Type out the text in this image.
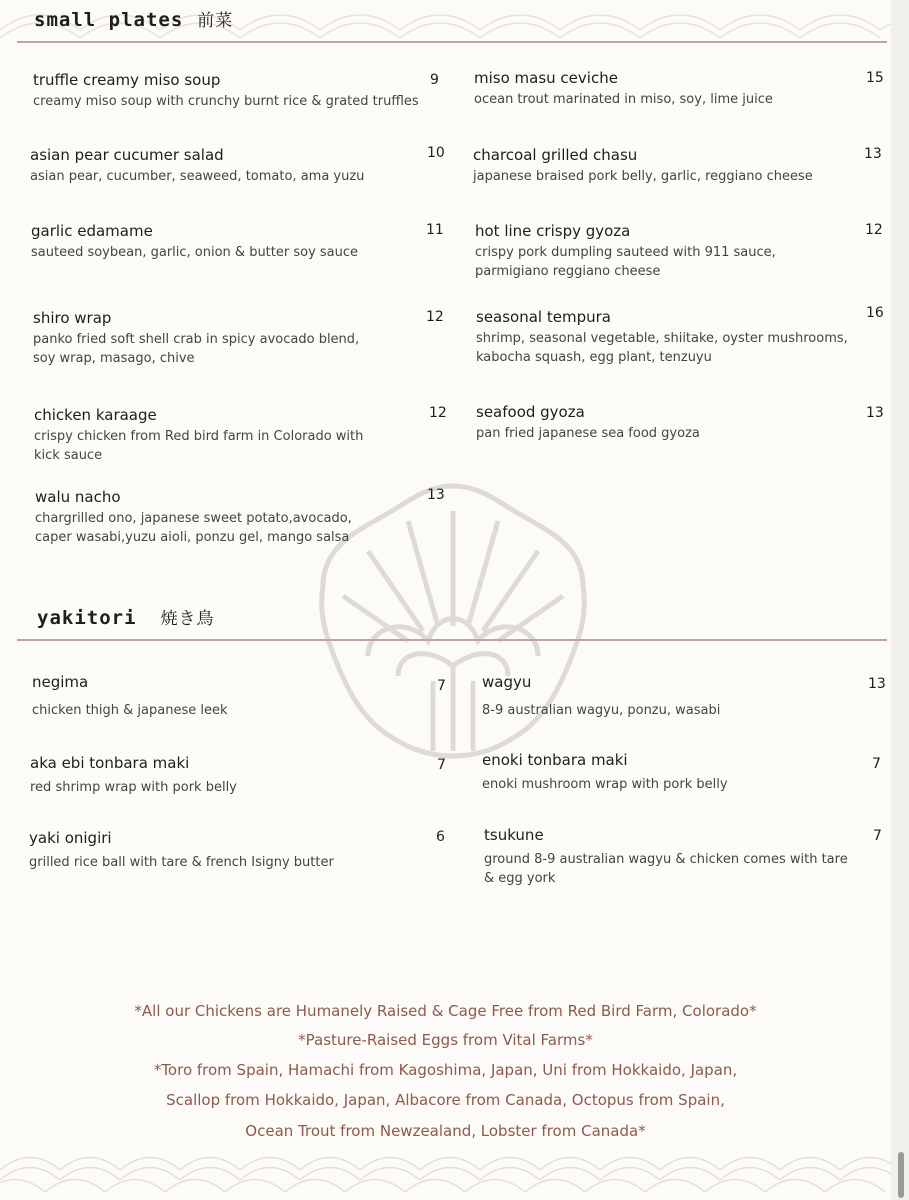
small plates 前菜
truffle creamy miso soup
creamy miso soup with crunchy burnt rice & grated truffles
9 miso masu ceviche
ocean trout marinated in miso, soy, lime juice
15
asian pear cucumer salad
asian pear, cucumber, seaweed, tomato, ama yuzu
10 charcoal grilled chasu
japanese braised pork belly, garlic, reggiano cheese
13
garlic edamame
sauteed soybean, garlic, onion & butter soy sauce
11 hot line crispy gyoza
crispy pork dumpling sauteed with 911 sauce,
parmigiano reggiano cheese
12
shiro wrap
panko fried soft shell crab in spicy avocado blend,
soy wrap, masago, chive
12 seasonal tempura
shrimp, seasonal vegetable, shiitake, oyster mushrooms,
kabocha squash, egg plant, tenzuyu
16
chicken karaage
crispy chicken from Red bird farm in Colorado with
kick sauce
12 seafood gyoza
pan fried japanese sea food gyoza
13
walu nacho
chargrilled ono, japanese sweet potato,avocado,
caper wasabi,yuzu aioli, ponzu gel, mango salsa
13
yakitori 焼き鳥
negima
chicken thigh & japanese leek
7 wagyu
8-9 australian wagyu, ponzu, wasabi
13
aka ebi tonbara maki
red shrimp wrap with pork belly
7 enoki tonbara maki
enoki mushroom wrap with pork belly
7
yaki onigiri
grilled rice ball with tare & french Isigny butter
6	tsukune
ground 8-9 australian wagyu & chicken comes with tare
& egg york
7
*All our Chickens are Humanely Raised & Cage Free from Red Bird Farm, Colorado*
*Pasture-Raised Eggs from Vital Farms*
*Toro from Spain, Hamachi from Kagoshima, Japan, Uni from Hokkaido, Japan,
Scallop from Hokkaido, Japan, Albacore from Canada, Octopus from Spain,
Ocean Trout from Newzealand, Lobster from Canada*
